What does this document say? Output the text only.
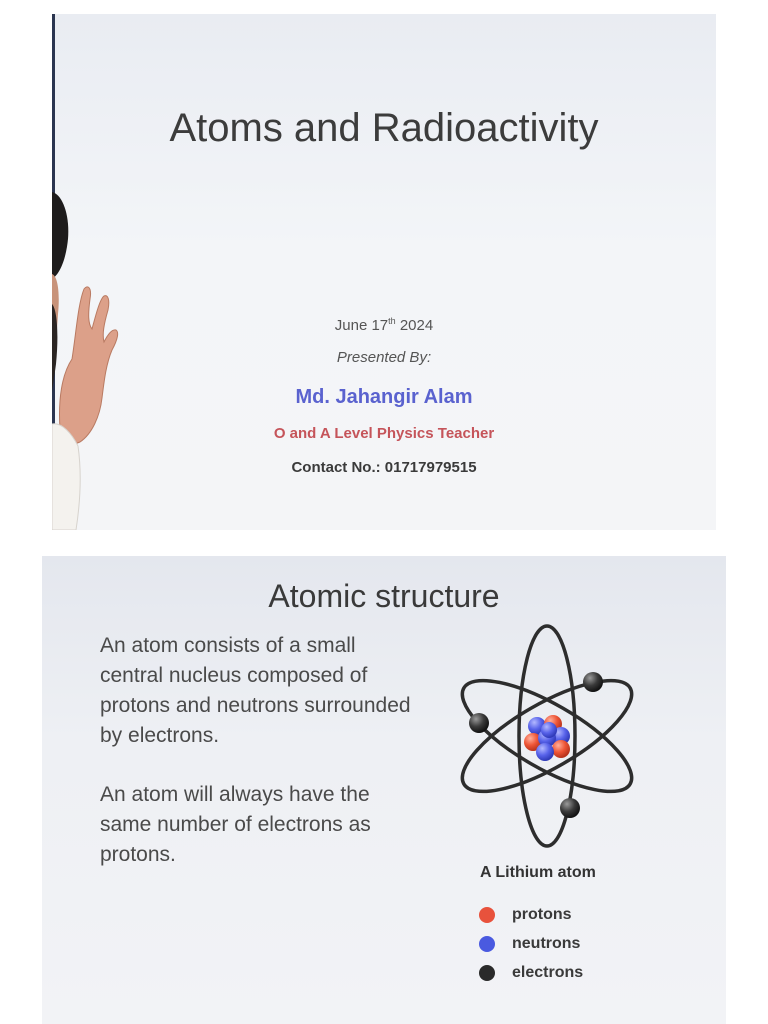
Atoms and Radioactivity
June 17th 2024
Presented By:
Md. Jahangir Alam
O and A Level Physics Teacher
Contact No.: 01717979515
Atomic structure
An atom consists of a small central nucleus composed of protons and neutrons surrounded by electrons.
An atom will always have the same number of electrons as protons.
A Lithium atom
protons
neutrons
electrons
